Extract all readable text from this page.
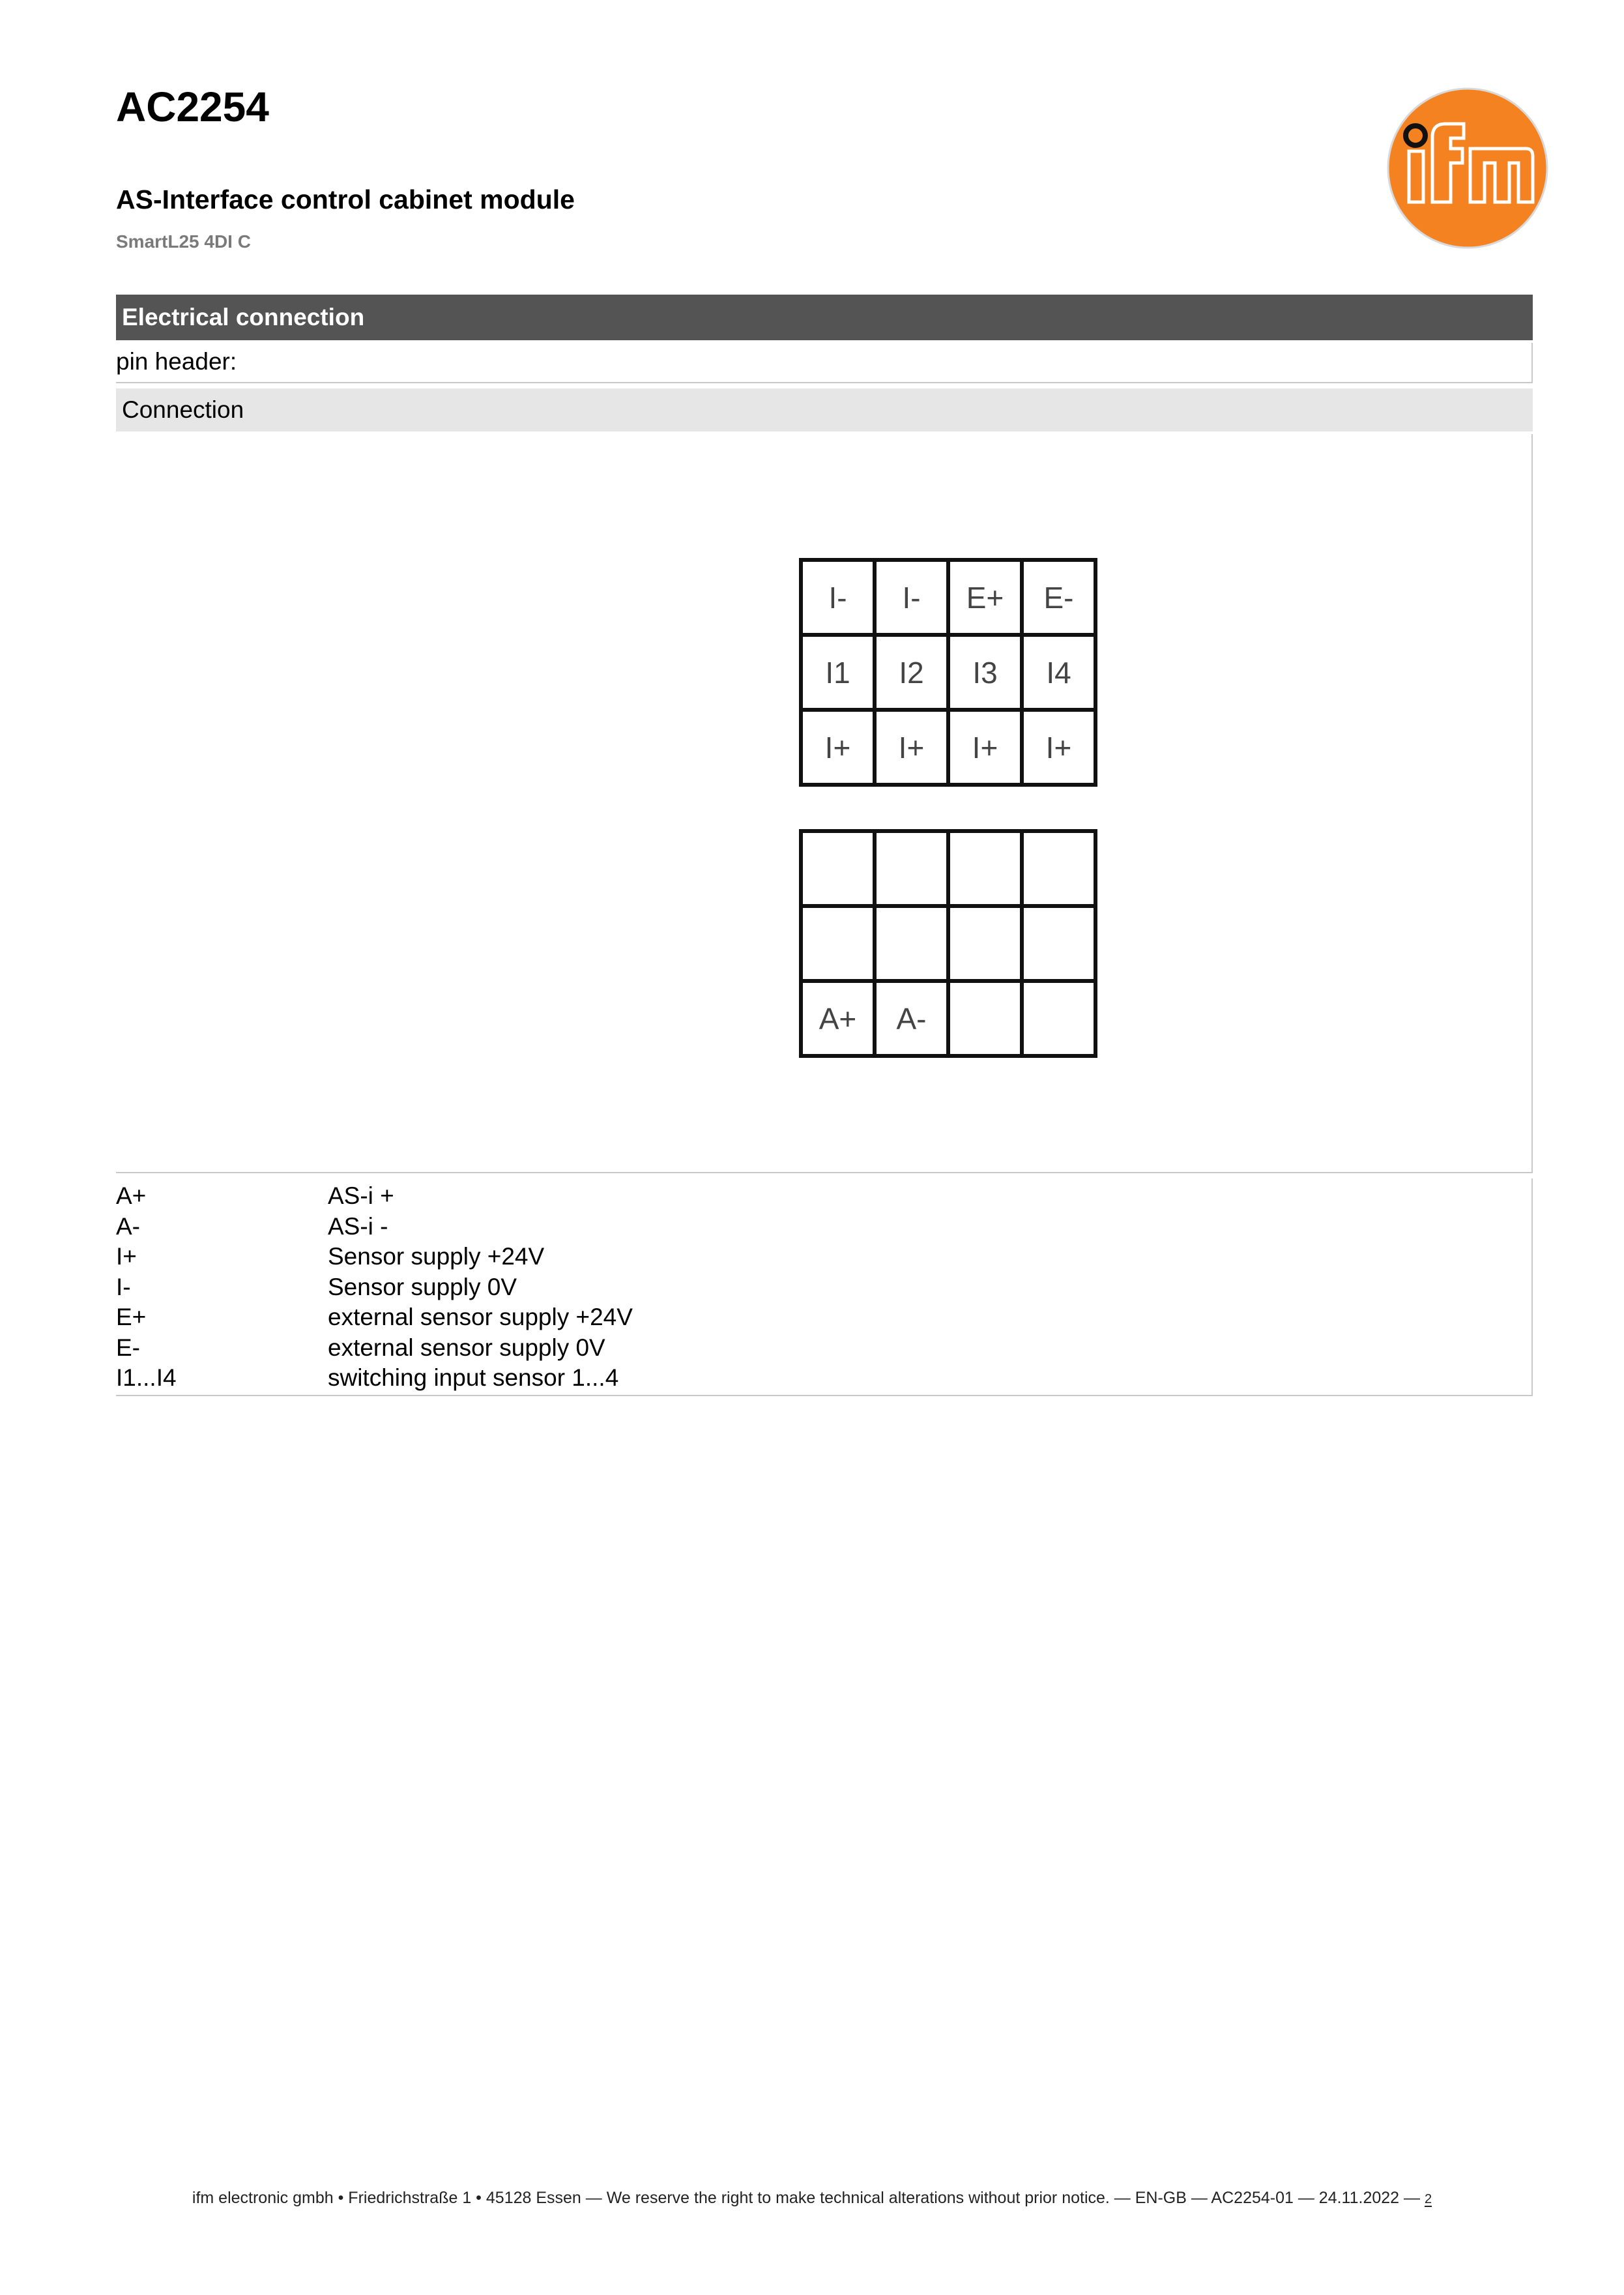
AC2254
AS-Interface control cabinet module
SmartL25 4DI C
Electrical connection
pin header:
Connection
I-	I-	E+	E-
I1	I2	I3	I4
I+	I+	I+	I+

A+	A-		
A+	AS-i +
A-	AS-i -
I+	Sensor supply +24V
I-	Sensor supply 0V
E+	external sensor supply +24V
E-	external sensor supply 0V
I1...I4	switching input sensor 1...4
ifm electronic gmbh • Friedrichstraße 1 • 45128 Essen — We reserve the right to make technical alterations without prior notice. — EN-GB — AC2254-01 — 24.11.2022 — 2
